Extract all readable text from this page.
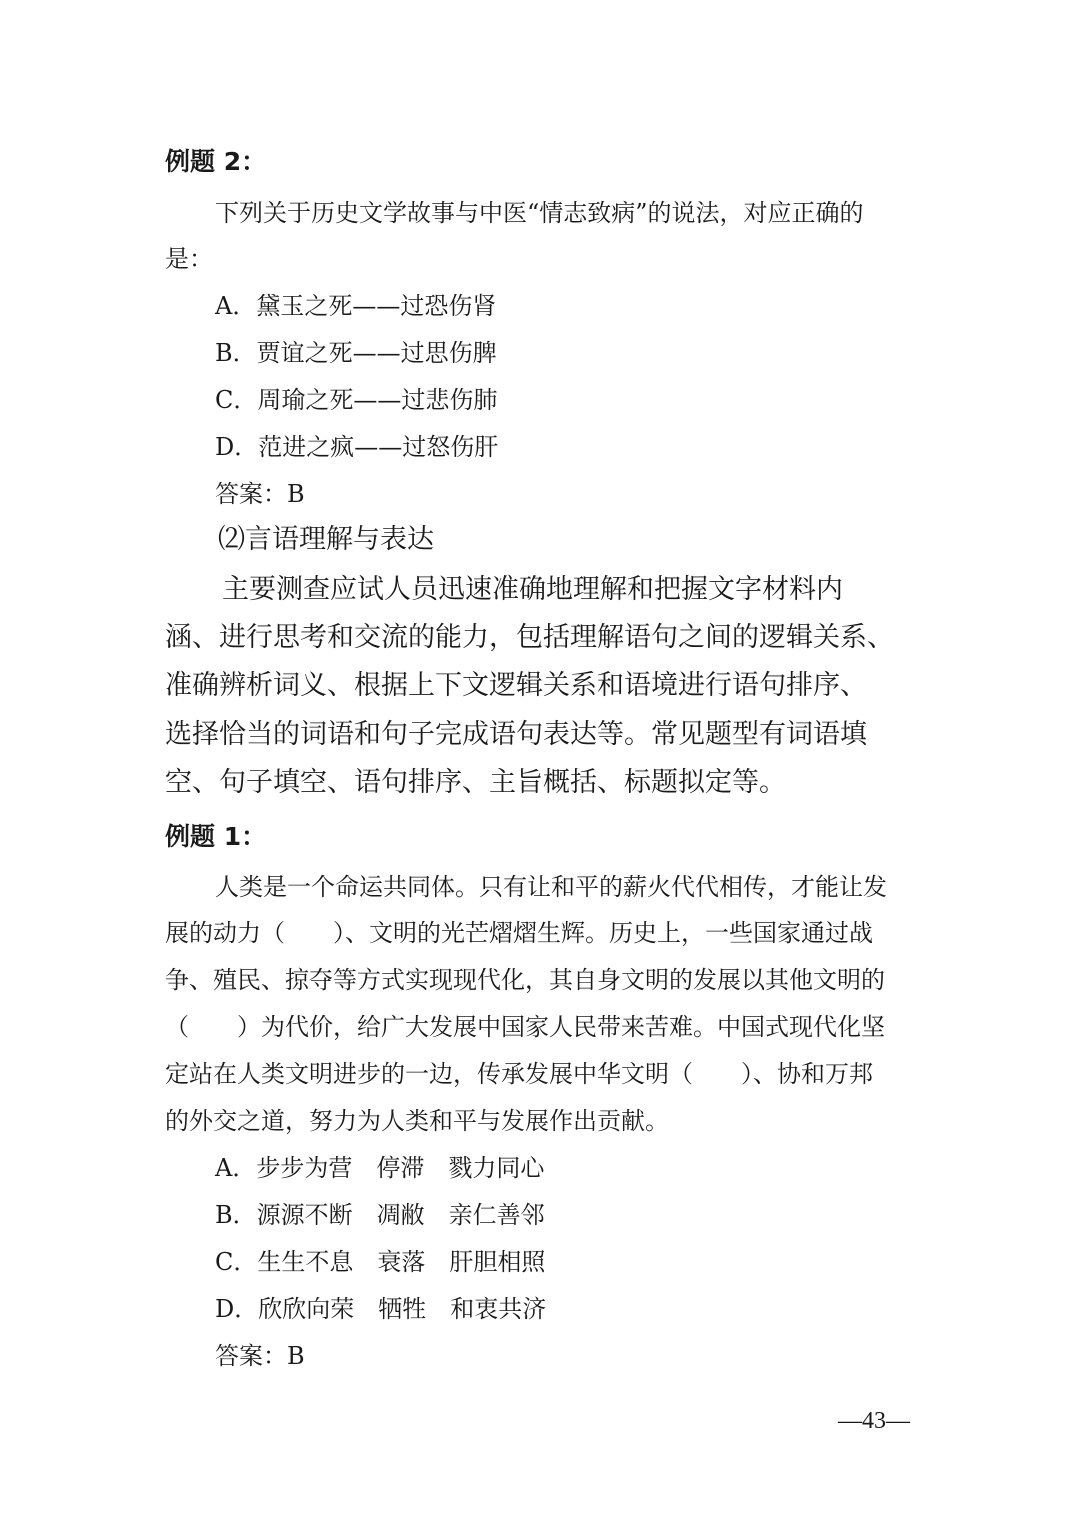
例题 2：
下列关于历史文学故事与中医“情志致病”的说法，对应正确的
是：
A．黛玉之死——过恐伤肾
B．贾谊之死——过思伤脾
C．周瑜之死——过悲伤肺
D．范进之疯——过怒伤肝
答案：B
⑵言语理解与表达
主要测查应试人员迅速准确地理解和把握文字材料内
涵、进行思考和交流的能力，包括理解语句之间的逻辑关系、
准确辨析词义、根据上下文逻辑关系和语境进行语句排序、
选择恰当的词语和句子完成语句表达等。常见题型有词语填
空、句子填空、语句排序、主旨概括、标题拟定等。
例题 1：
人类是一个命运共同体。只有让和平的薪火代代相传，才能让发
展的动力（　　）、文明的光芒熠熠生辉。历史上，一些国家通过战
争、殖民、掠夺等方式实现现代化，其自身文明的发展以其他文明的
（　　）为代价，给广大发展中国家人民带来苦难。中国式现代化坚
定站在人类文明进步的一边，传承发展中华文明（　　）、协和万邦
的外交之道，努力为人类和平与发展作出贡献。
A．步步为营　停滞　戮力同心
B．源源不断　凋敝　亲仁善邻
C．生生不息　衰落　肝胆相照
D．欣欣向荣　牺牲　和衷共济
答案：B
—43—
